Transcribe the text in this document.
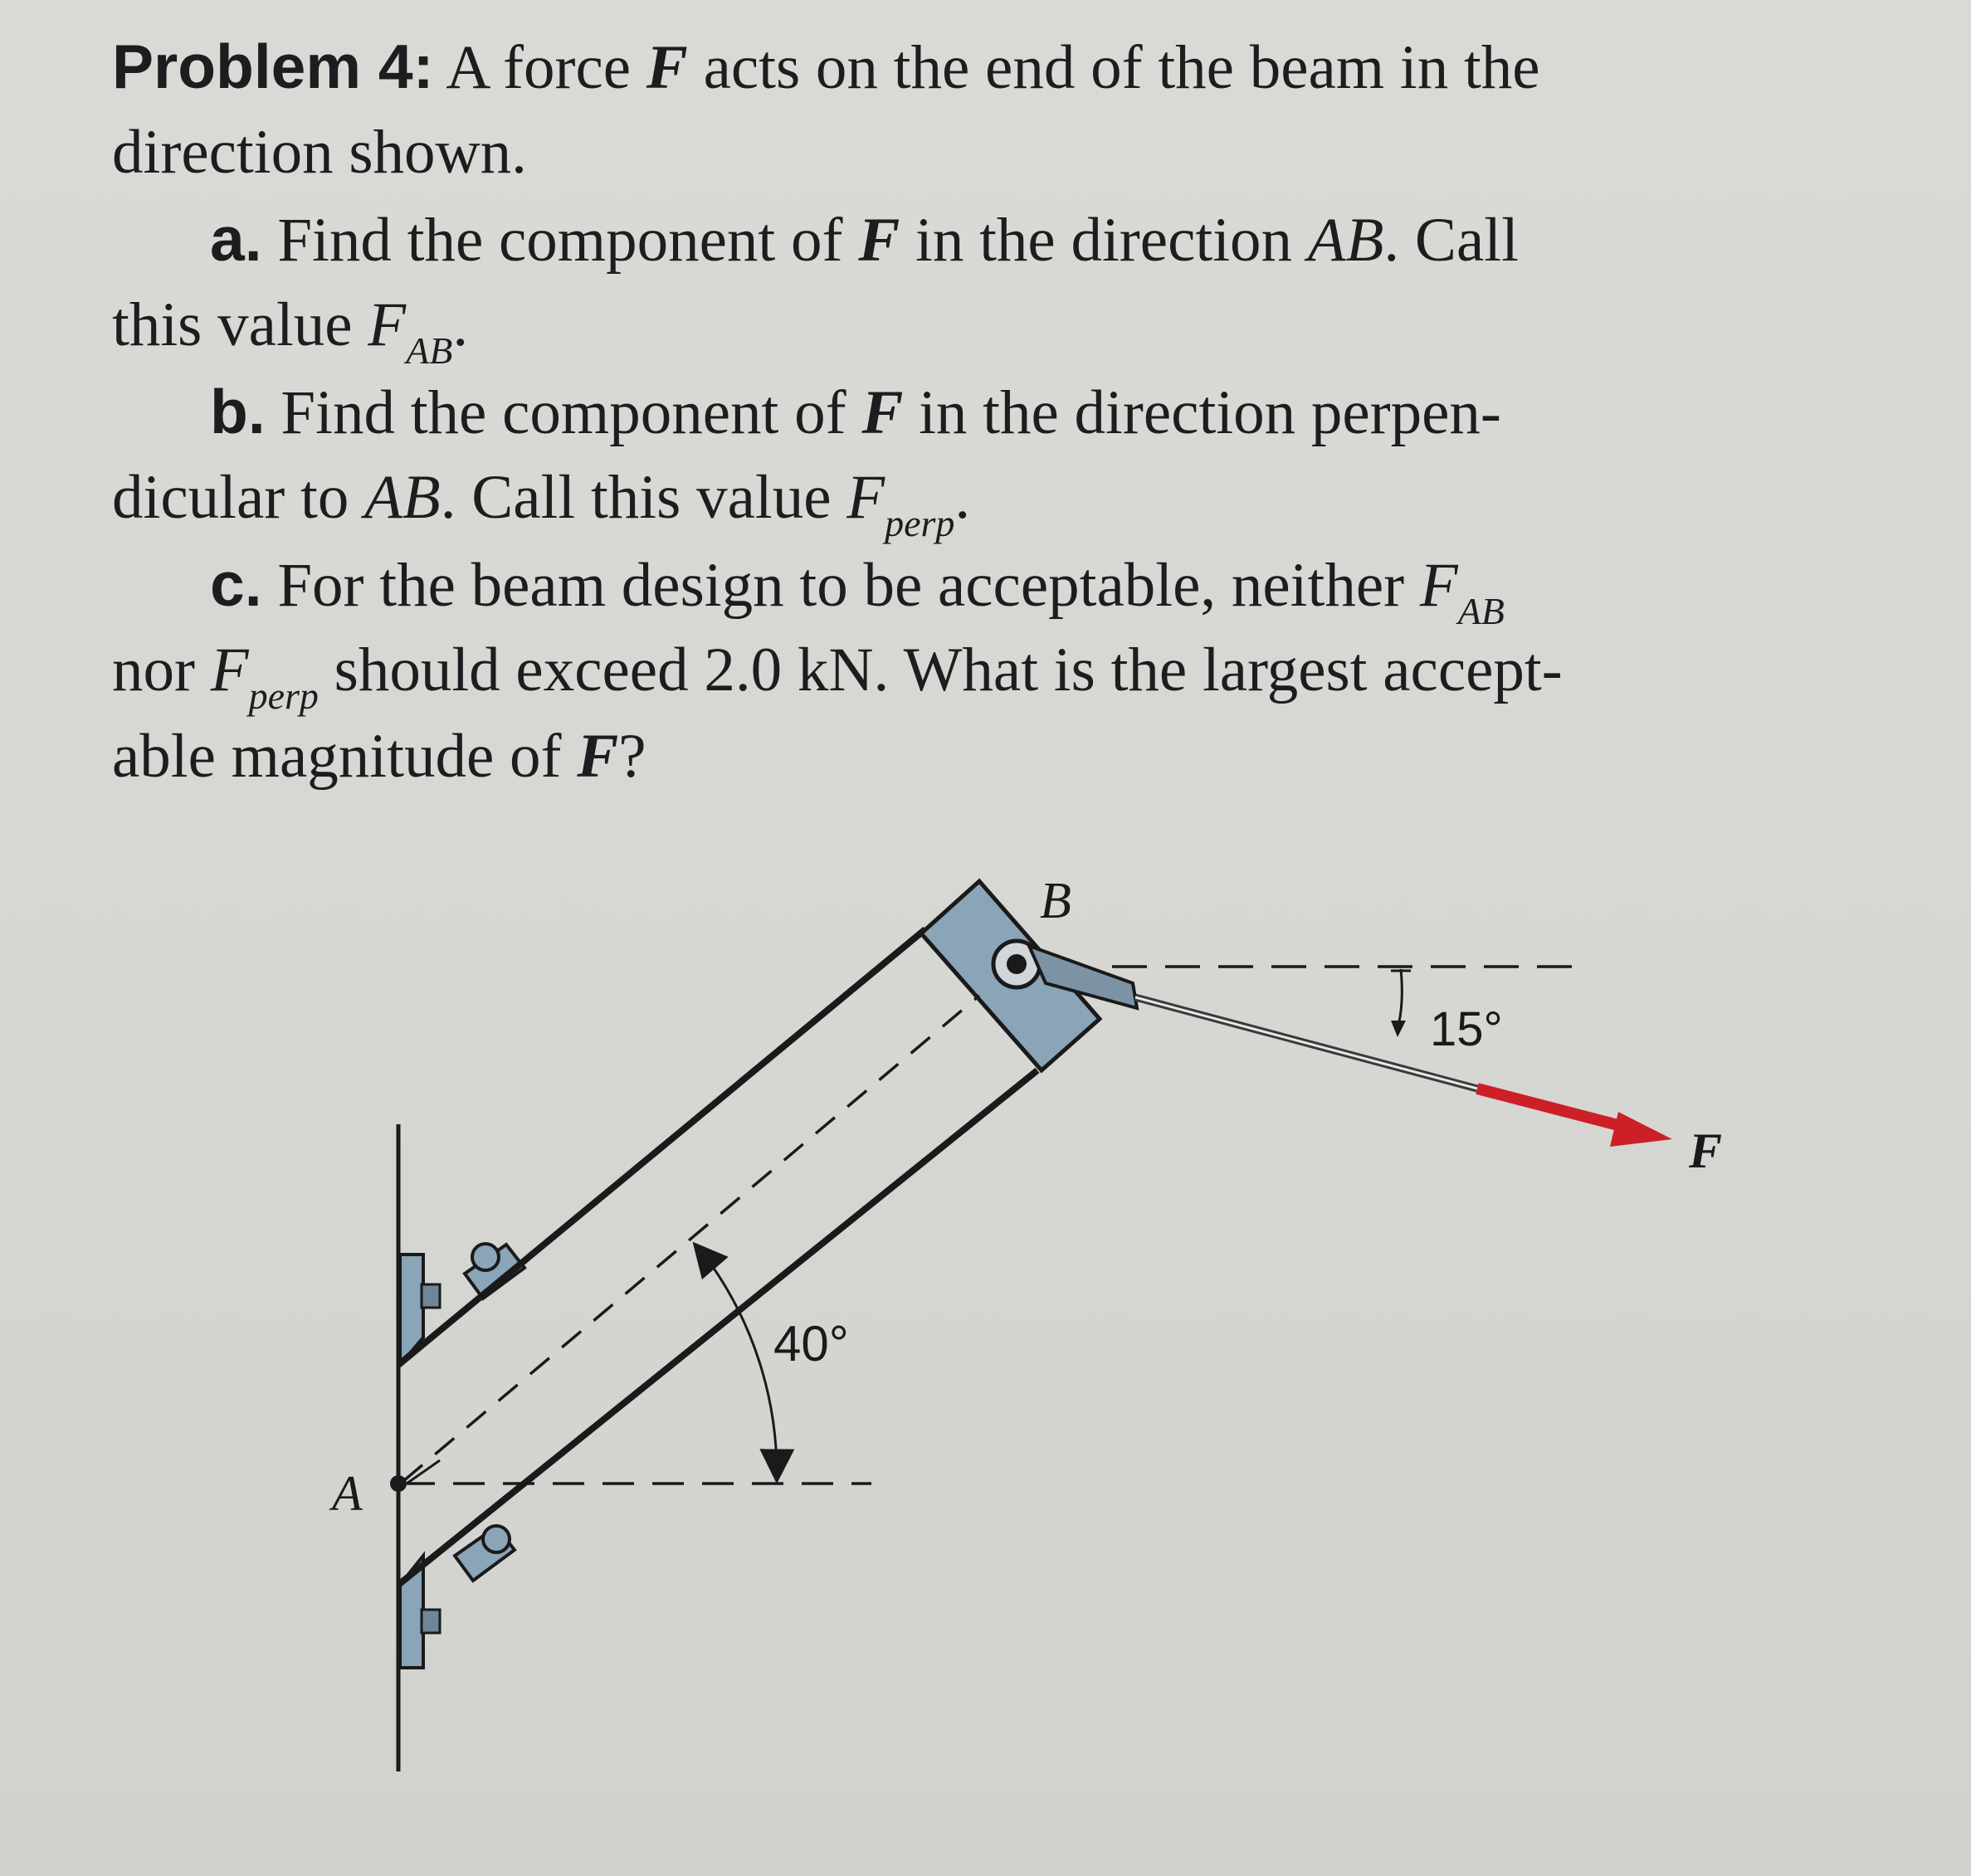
Problem 4: A force F acts on the end of the beam in the
direction shown.
a. Find the component of F in the direction AB. Call
this value $F_{AB}$.
b. Find the component of F in the direction perpen-
dicular to AB. Call this value $F_{perp}$.
c. For the beam design to be acceptable, neither $F_{AB}$
nor $F_{perp}$ should exceed 2.0 kN. What is the largest accept-
able magnitude of F?
B
A
F
40°
15°
